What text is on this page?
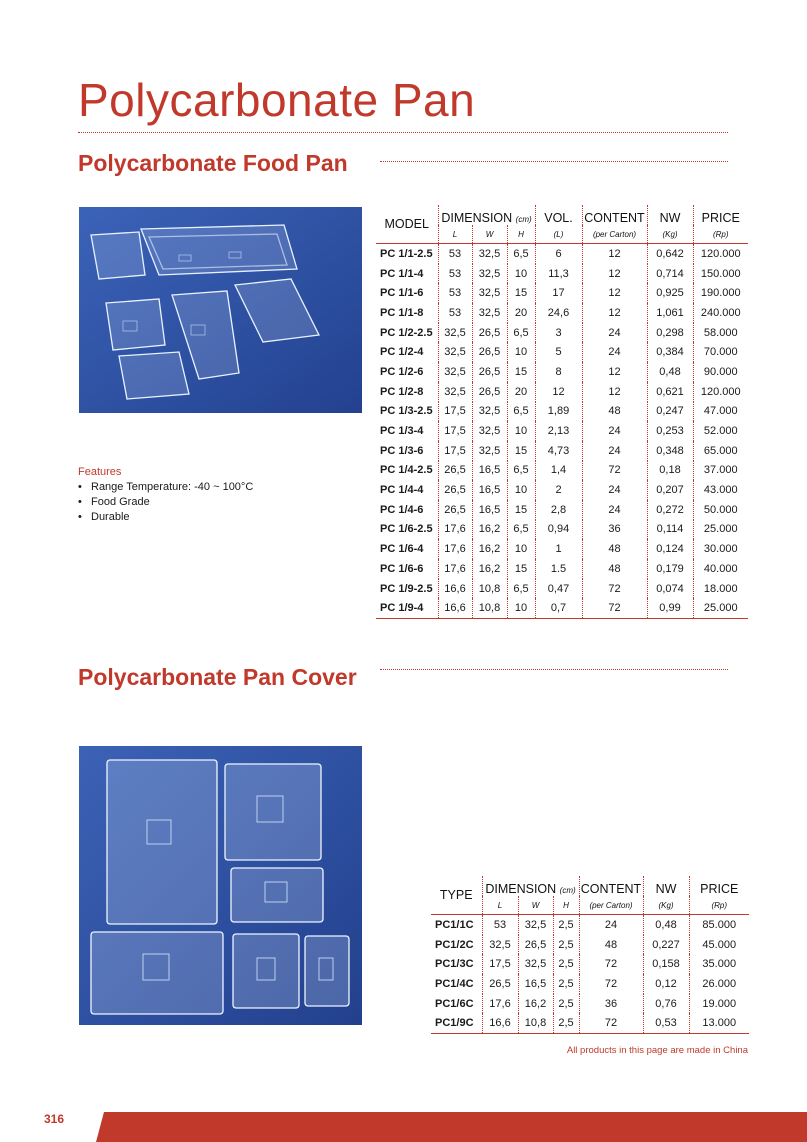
Polycarbonate Pan
Polycarbonate Food Pan
Features
• Range Temperature: -40 ~ 100°C
• Food Grade
• Durable
MODEL	DIMENSION (cm)			VOL.	CONTENT	NW	PRICE
	L	W	H	(L)	(per Carton)	(Kg)	(Rp)
PC 1/1-2.5	53	32,5	6,5	6	12	0,642	120.000
PC 1/1-4	53	32,5	10	11,3	12	0,714	150.000
PC 1/1-6	53	32,5	15	17	12	0,925	190.000
PC 1/1-8	53	32,5	20	24,6	12	1,061	240.000
PC 1/2-2.5	32,5	26,5	6,5	3	24	0,298	58.000
PC 1/2-4	32,5	26,5	10	5	24	0,384	70.000
PC 1/2-6	32,5	26,5	15	8	12	0,48	90.000
PC 1/2-8	32,5	26,5	20	12	12	0,621	120.000
PC 1/3-2.5	17,5	32,5	6,5	1,89	48	0,247	47.000
PC 1/3-4	17,5	32,5	10	2,13	24	0,253	52.000
PC 1/3-6	17,5	32,5	15	4,73	24	0,348	65.000
PC 1/4-2.5	26,5	16,5	6,5	1,4	72	0,18	37.000
PC 1/4-4	26,5	16,5	10	2	24	0,207	43.000
PC 1/4-6	26,5	16,5	15	2,8	24	0,272	50.000
PC 1/6-2.5	17,6	16,2	6,5	0,94	36	0,114	25.000
PC 1/6-4	17,6	16,2	10	1	48	0,124	30.000
PC 1/6-6	17,6	16,2	15	1.5	48	0,179	40.000
PC 1/9-2.5	16,6	10,8	6,5	0,47	72	0,074	18.000
PC 1/9-4	16,6	10,8	10	0,7	72	0,99	25.000
Polycarbonate Pan Cover
TYPE	DIMENSION (cm)			CONTENT	NW	PRICE
	L	W	H	(per Carton)	(Kg)	(Rp)
PC1/1C	53	32,5	2,5	24	0,48	85.000
PC1/2C	32,5	26,5	2,5	48	0,227	45.000
PC1/3C	17,5	32,5	2,5	72	0,158	35.000
PC1/4C	26,5	16,5	2,5	72	0,12	26.000
PC1/6C	17,6	16,2	2,5	36	0,76	19.000
PC1/9C	16,6	10,8	2,5	72	0,53	13.000
All products in this page are made in China
316
